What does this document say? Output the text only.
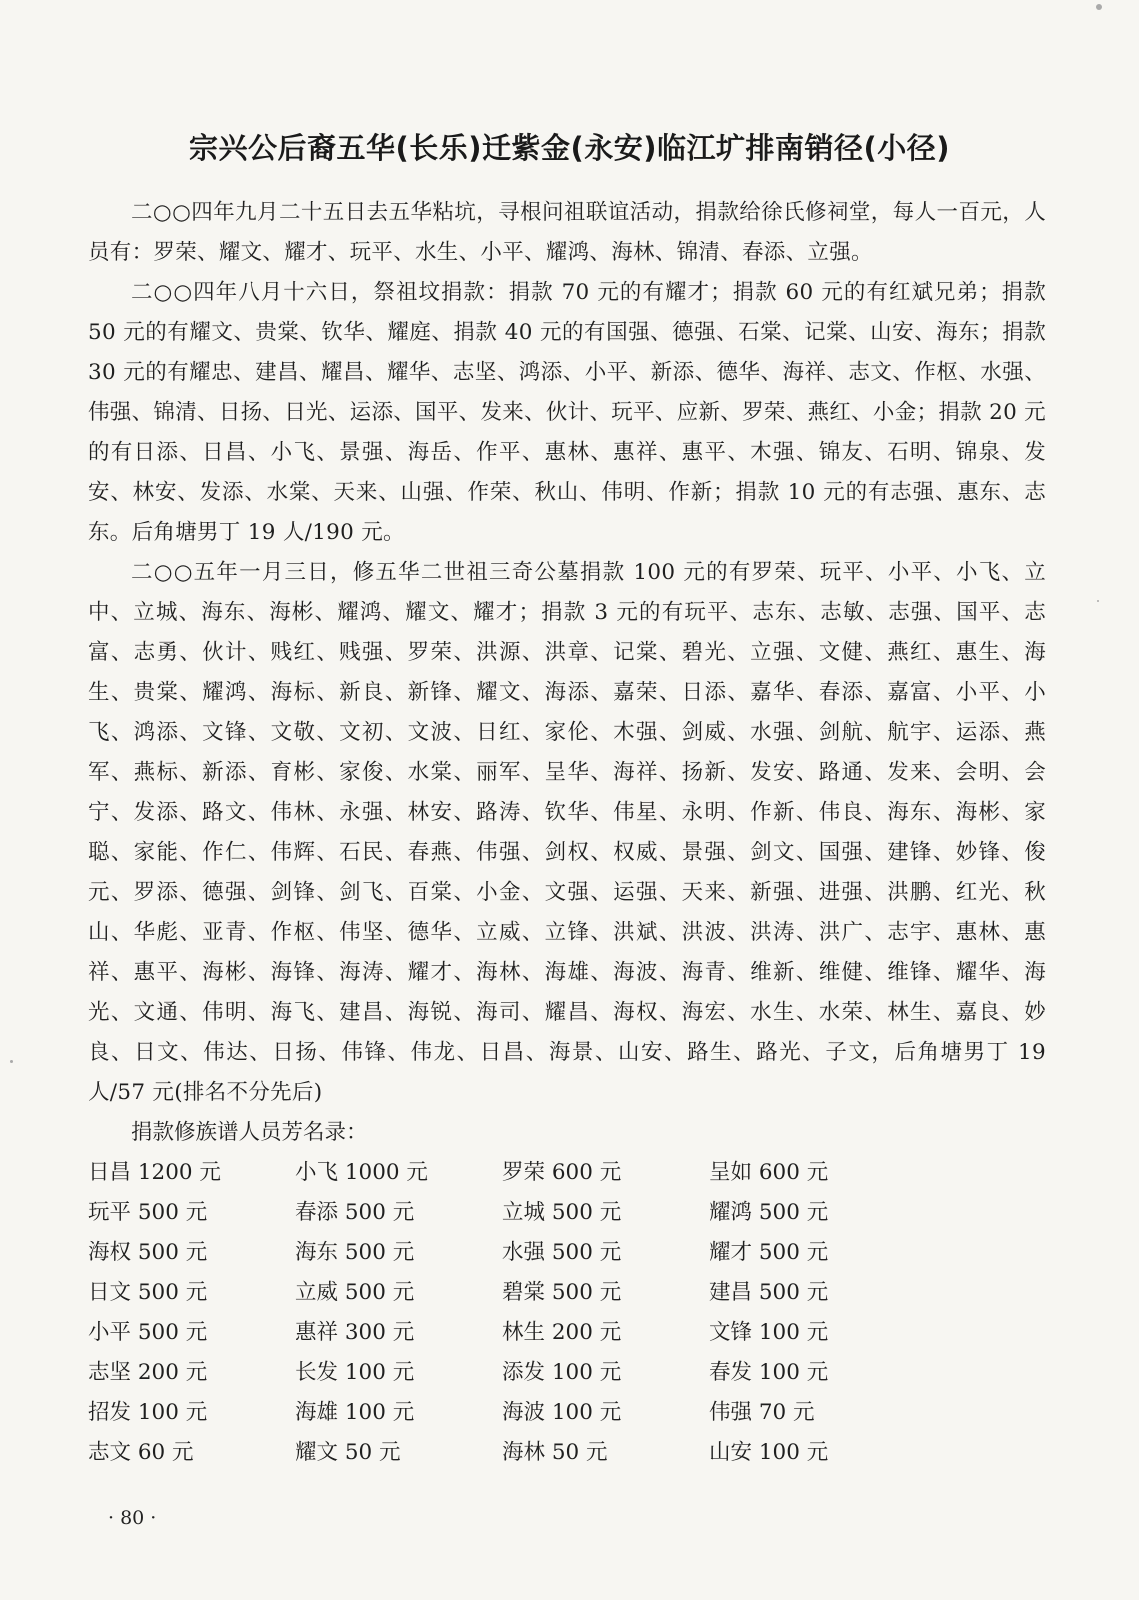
宗兴公后裔五华(长乐)迁紫金(永安)临江圹排南销径(小径)

二○○四年九月二十五日去五华粘坑，寻根问祖联谊活动，捐款给徐氏修祠堂，每人一百元，人员有：罗荣、耀文、耀才、玩平、水生、小平、耀鸿、海林、锦清、春添、立强。

二○○四年八月十六日，祭祖坟捐款：捐款 70 元的有耀才；捐款 60 元的有红斌兄弟；捐款 50 元的有耀文、贵棠、钦华、耀庭、捐款 40 元的有国强、德强、石棠、记棠、山安、海东；捐款 30 元的有耀忠、建昌、耀昌、耀华、志坚、鸿添、小平、新添、德华、海祥、志文、作枢、水强、伟强、锦清、日扬、日光、运添、国平、发来、伙计、玩平、应新、罗荣、燕红、小金；捐款 20 元的有日添、日昌、小飞、景强、海岳、作平、惠林、惠祥、惠平、木强、锦友、石明、锦泉、发安、林安、发添、水棠、天来、山强、作荣、秋山、伟明、作新；捐款 10 元的有志强、惠东、志东。后角塘男丁 19 人/190 元。

二○○五年一月三日，修五华二世祖三奇公墓捐款 100 元的有罗荣、玩平、小平、小飞、立中、立城、海东、海彬、耀鸿、耀文、耀才；捐款 3 元的有玩平、志东、志敏、志强、国平、志富、志勇、伙计、贱红、贱强、罗荣、洪源、洪章、记棠、碧光、立强、文健、燕红、惠生、海生、贵棠、耀鸿、海标、新良、新锋、耀文、海添、嘉荣、日添、嘉华、春添、嘉富、小平、小飞、鸿添、文锋、文敬、文初、文波、日红、家伦、木强、剑威、水强、剑航、航宇、运添、燕军、燕标、新添、育彬、家俊、水棠、丽军、呈华、海祥、扬新、发安、路通、发来、会明、会宁、发添、路文、伟林、永强、林安、路涛、钦华、伟星、永明、作新、伟良、海东、海彬、家聪、家能、作仁、伟辉、石民、春燕、伟强、剑权、权威、景强、剑文、国强、建锋、妙锋、俊元、罗添、德强、剑锋、剑飞、百棠、小金、文强、运强、天来、新强、进强、洪鹏、红光、秋山、华彪、亚青、作枢、伟坚、德华、立威、立锋、洪斌、洪波、洪涛、洪广、志宇、惠林、惠祥、惠平、海彬、海锋、海涛、耀才、海林、海雄、海波、海青、维新、维健、维锋、耀华、海光、文通、伟明、海飞、建昌、海锐、海司、耀昌、海权、海宏、水生、水荣、林生、嘉良、妙良、日文、伟达、日扬、伟锋、伟龙、日昌、海景、山安、路生、路光、子文，后角塘男丁 19 人/57 元(排名不分先后)

捐款修族谱人员芳名录：

日昌 1200 元	小飞 1000 元	罗荣 600 元	呈如 600 元
玩平 500 元	春添 500 元	立城 500 元	耀鸿 500 元
海权 500 元	海东 500 元	水强 500 元	耀才 500 元
日文 500 元	立威 500 元	碧棠 500 元	建昌 500 元
小平 500 元	惠祥 300 元	林生 200 元	文锋 100 元
志坚 200 元	长发 100 元	添发 100 元	春发 100 元
招发 100 元	海雄 100 元	海波 100 元	伟强 70 元
志文 60 元	耀文 50 元	海林 50 元	山安 100 元
· 80 ·
